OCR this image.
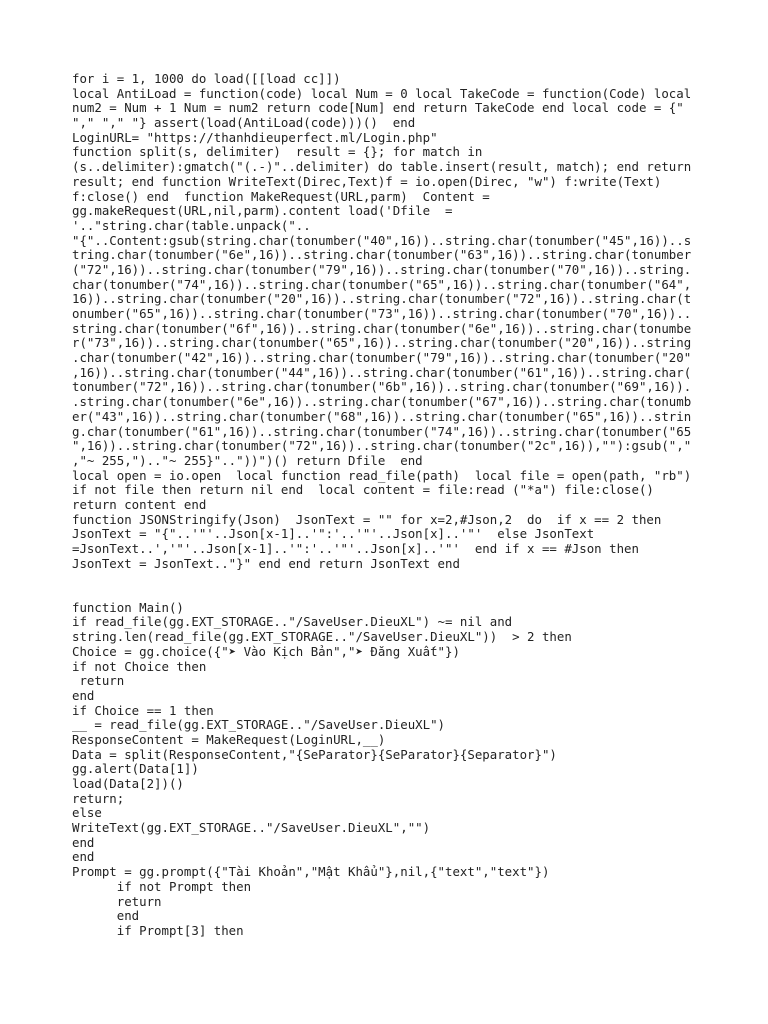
for i = 1, 1000 do load([[load cc]])
local AntiLoad = function(code) local Num = 0 local TakeCode = function(Code) local
num2 = Num + 1 Num = num2 return code[Num] end return TakeCode end local code = {"
"," "," "} assert(load(AntiLoad(code)))()  end
LoginURL= "https://thanhdieuperfect.ml/Login.php"
function split(s, delimiter)  result = {}; for match in
(s..delimiter):gmatch("(.-)"..delimiter) do table.insert(result, match); end return
result; end function WriteText(Direc,Text)f = io.open(Direc, "w") f:write(Text)
f:close() end  function MakeRequest(URL,parm)  Content =
gg.makeRequest(URL,nil,parm).content load('Dfile  =
'.."string.char(table.unpack("..
"{"..Content:gsub(string.char(tonumber("40",16))..string.char(tonumber("45",16))..s
tring.char(tonumber("6e",16))..string.char(tonumber("63",16))..string.char(tonumber
("72",16))..string.char(tonumber("79",16))..string.char(tonumber("70",16))..string.
char(tonumber("74",16))..string.char(tonumber("65",16))..string.char(tonumber("64",
16))..string.char(tonumber("20",16))..string.char(tonumber("72",16))..string.char(t
onumber("65",16))..string.char(tonumber("73",16))..string.char(tonumber("70",16))..
string.char(tonumber("6f",16))..string.char(tonumber("6e",16))..string.char(tonumbe
r("73",16))..string.char(tonumber("65",16))..string.char(tonumber("20",16))..string
.char(tonumber("42",16))..string.char(tonumber("79",16))..string.char(tonumber("20"
,16))..string.char(tonumber("44",16))..string.char(tonumber("61",16))..string.char(
tonumber("72",16))..string.char(tonumber("6b",16))..string.char(tonumber("69",16)).
.string.char(tonumber("6e",16))..string.char(tonumber("67",16))..string.char(tonumb
er("43",16))..string.char(tonumber("68",16))..string.char(tonumber("65",16))..strin
g.char(tonumber("61",16))..string.char(tonumber("74",16))..string.char(tonumber("65
",16))..string.char(tonumber("72",16))..string.char(tonumber("2c",16)),""):gsub(","
,"~ 255,").."~ 255}".."))")() return Dfile  end
local open = io.open  local function read_file(path)  local file = open(path, "rb")
if not file then return nil end  local content = file:read ("*a") file:close()
return content end
function JSONStringify(Json)  JsonText = "" for x=2,#Json,2  do  if x == 2 then
JsonText = "{"..'"'..Json[x-1]..'":'..'"'..Json[x]..'"'  else JsonText
=JsonText..','"'..Json[x-1]..'":'..'"'..Json[x]..'"'  end if x == #Json then
JsonText = JsonText.."}" end end return JsonText end
function Main()
if read_file(gg.EXT_STORAGE.."/SaveUser.DieuXL") ~= nil and
string.len(read_file(gg.EXT_STORAGE.."/SaveUser.DieuXL"))  > 2 then
Choice = gg.choice({"➤ Vào Kịch Bản","➤ Đăng Xuất"})
if not Choice then
return
end
if Choice == 1 then
__ = read_file(gg.EXT_STORAGE.."/SaveUser.DieuXL")
ResponseContent = MakeRequest(LoginURL,__)
Data = split(ResponseContent,"{SeParator}{SeParator}{Separator}")
gg.alert(Data[1])
load(Data[2])()
return;
else
WriteText(gg.EXT_STORAGE.."/SaveUser.DieuXL","")
end
end
Prompt = gg.prompt({"Tài Khoản","Mật Khẩu"},nil,{"text","text"})
if not Prompt then
return
end
if Prompt[3] then
